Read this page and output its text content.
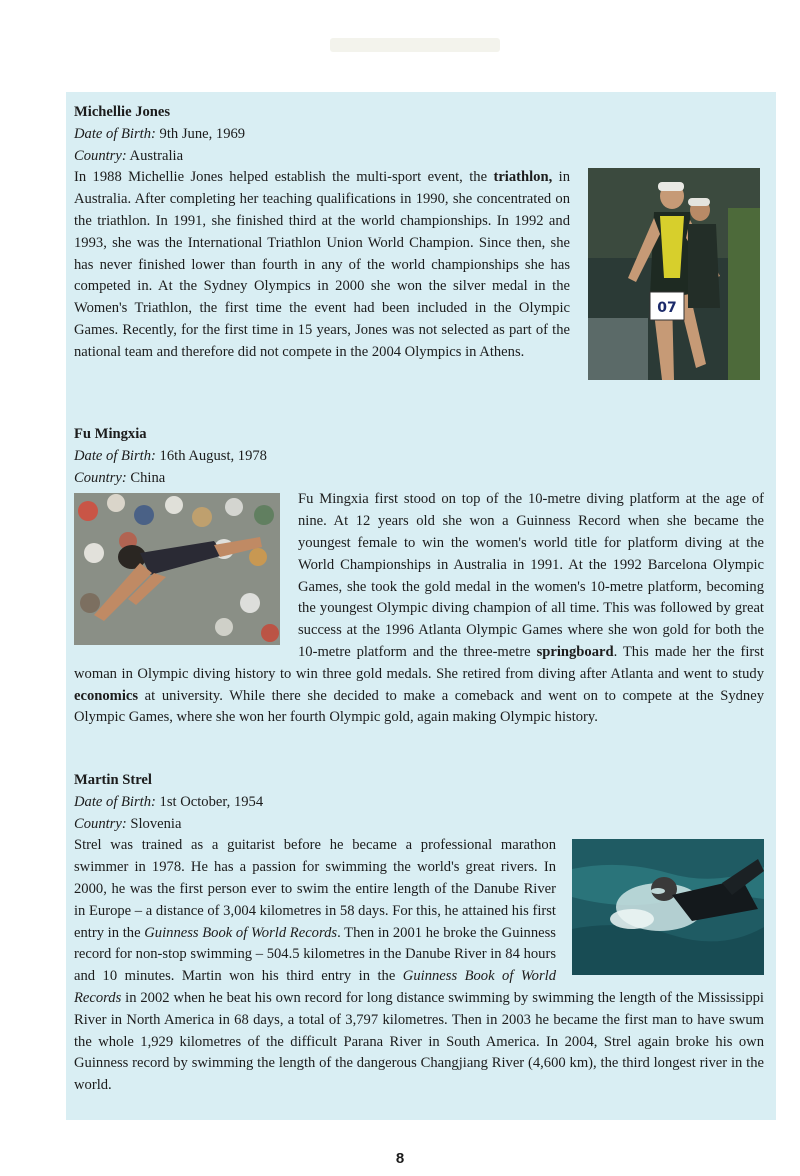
07

Michellie Jones

Date of Birth: 9th June, 1969

Country: Australia

In 1988 Michellie Jones helped establish the multi-sport event, the triathlon, in Australia. After completing her teaching qualifications in 1990, she concentrated on the triathlon. In 1991, she finished third at the world championships. In 1992 and 1993, she was the International Triathlon Union World Champion. Since then, she has never finished lower than fourth in any of the world championships she has competed in. At the Sydney Olympics in 2000 she won the silver medal in the Women's Triathlon, the first time the event had been included in the Olympic Games. Recently, for the first time in 15 years, Jones was not selected as part of the national team and therefore did not compete in the 2004 Olympics in Athens.

Fu Mingxia

Date of Birth: 16th August, 1978

Country: China

Fu Mingxia first stood on top of the 10-metre diving platform at the age of nine. At 12 years old she won a Guinness Record when she became the youngest female to win the women's world title for platform diving at the World Championships in Australia in 1991. At the 1992 Barcelona Olympic Games, she took the gold medal in the women's 10-metre platform, becoming the youngest Olympic diving champion of all time. This was followed by great success at the 1996 Atlanta Olympic Games where she won gold for both the 10-metre platform and the three-metre springboard. This made her the first woman in Olympic diving history to win three gold medals. She retired from diving after Atlanta and went to study economics at university. While there she decided to make a comeback and went on to compete at the Sydney Olympic Games, where she won her fourth Olympic gold, again making Olympic history.

Martin Strel

Date of Birth: 1st October, 1954

Country: Slovenia

Strel was trained as a guitarist before he became a professional marathon swimmer in 1978. He has a passion for swimming the world's great rivers. In 2000, he was the first person ever to swim the entire length of the Danube River in Europe – a distance of 3,004 kilometres in 58 days. For this, he attained his first entry in the Guinness Book of World Records. Then in 2001 he broke the Guinness record for non-stop swimming – 504.5 kilometres in the Danube River in 84 hours and 10 minutes. Martin won his third entry in the Guinness Book of World Records in 2002 when he beat his own record for long distance swimming by swimming the length of the Mississippi River in North America in 68 days, a total of 3,797 kilometres. Then in 2003 he became the first man to have swum the whole 1,929 kilometres of the difficult Parana River in South America. In 2004, Strel again broke his own Guinness record by swimming the length of the dangerous Changjiang River (4,600 km), the third longest river in the world.

8
